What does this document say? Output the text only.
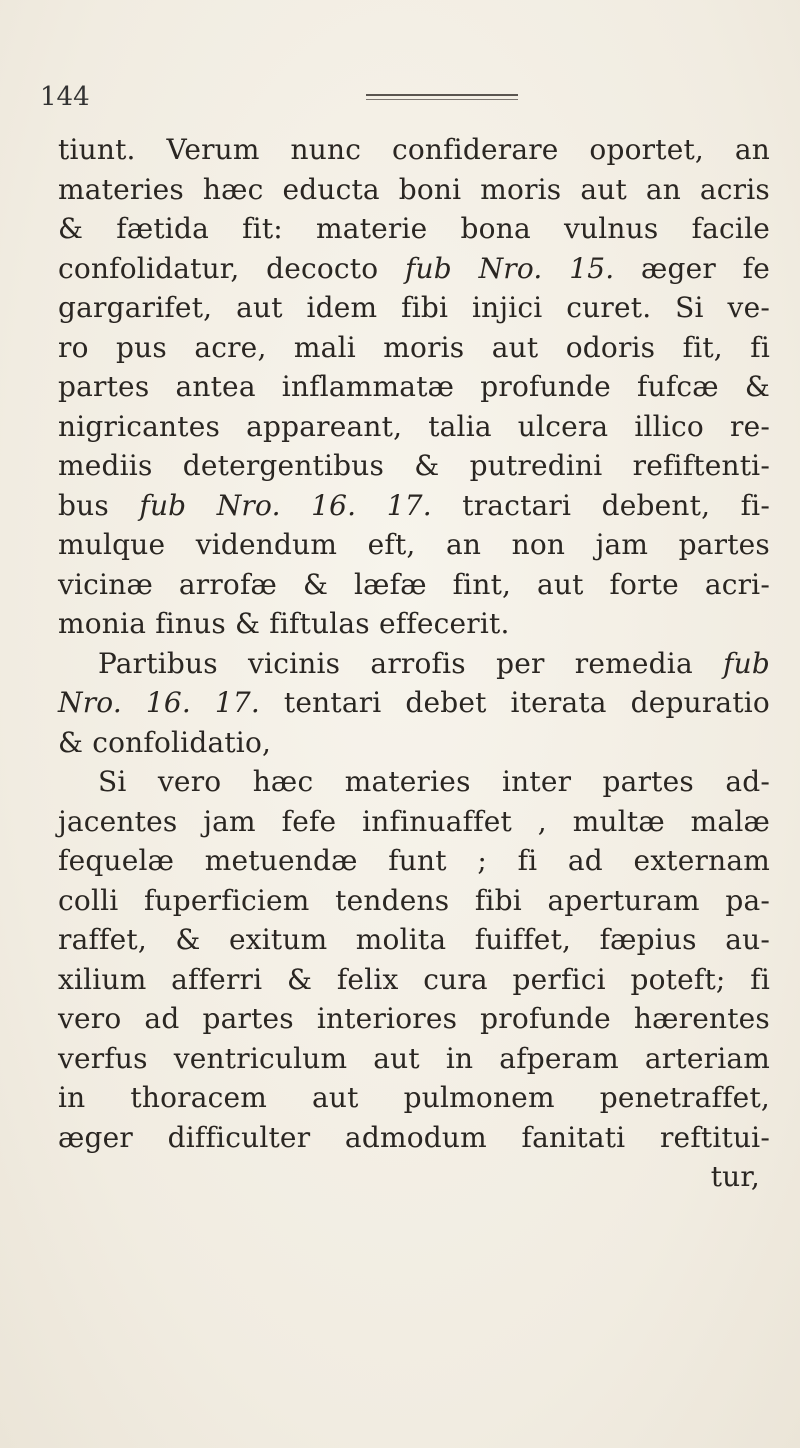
144
tiunt. Verum nunc confiderare oportet, an
materies hæc educta boni moris aut an acris
& fætida fit: materie bona vulnus facile
confolidatur, decocto fub Nro. 15. æger fe
gargarifet, aut idem fibi injici curet. Si ve-
ro pus acre, mali moris aut odoris fit, fi
partes antea inflammatæ profunde fufcæ &
nigricantes appareant, talia ulcera illico re-
mediis detergentibus & putredini refiftenti-
bus fub Nro. 16. 17. tractari debent, fi-
mulque videndum eft, an non jam partes
vicinæ arrofæ & læfæ fint, aut forte acri-
monia finus & fiftulas effecerit.
Partibus vicinis arrofis per remedia fub
Nro. 16. 17. tentari debet iterata depuratio
& confolidatio,
Si vero hæc materies inter partes ad-
jacentes jam fefe infinuaffet , multæ malæ
fequelæ metuendæ funt ; fi ad externam
colli fuperficiem tendens fibi aperturam pa-
raffet, & exitum molita fuiffet, fæpius au-
xilium afferri & felix cura perfici poteft; fi
vero ad partes interiores profunde hærentes
verfus ventriculum aut in afperam arteriam
in thoracem aut pulmonem penetraffet,
æger difficulter admodum fanitati reftitui-
tur,
